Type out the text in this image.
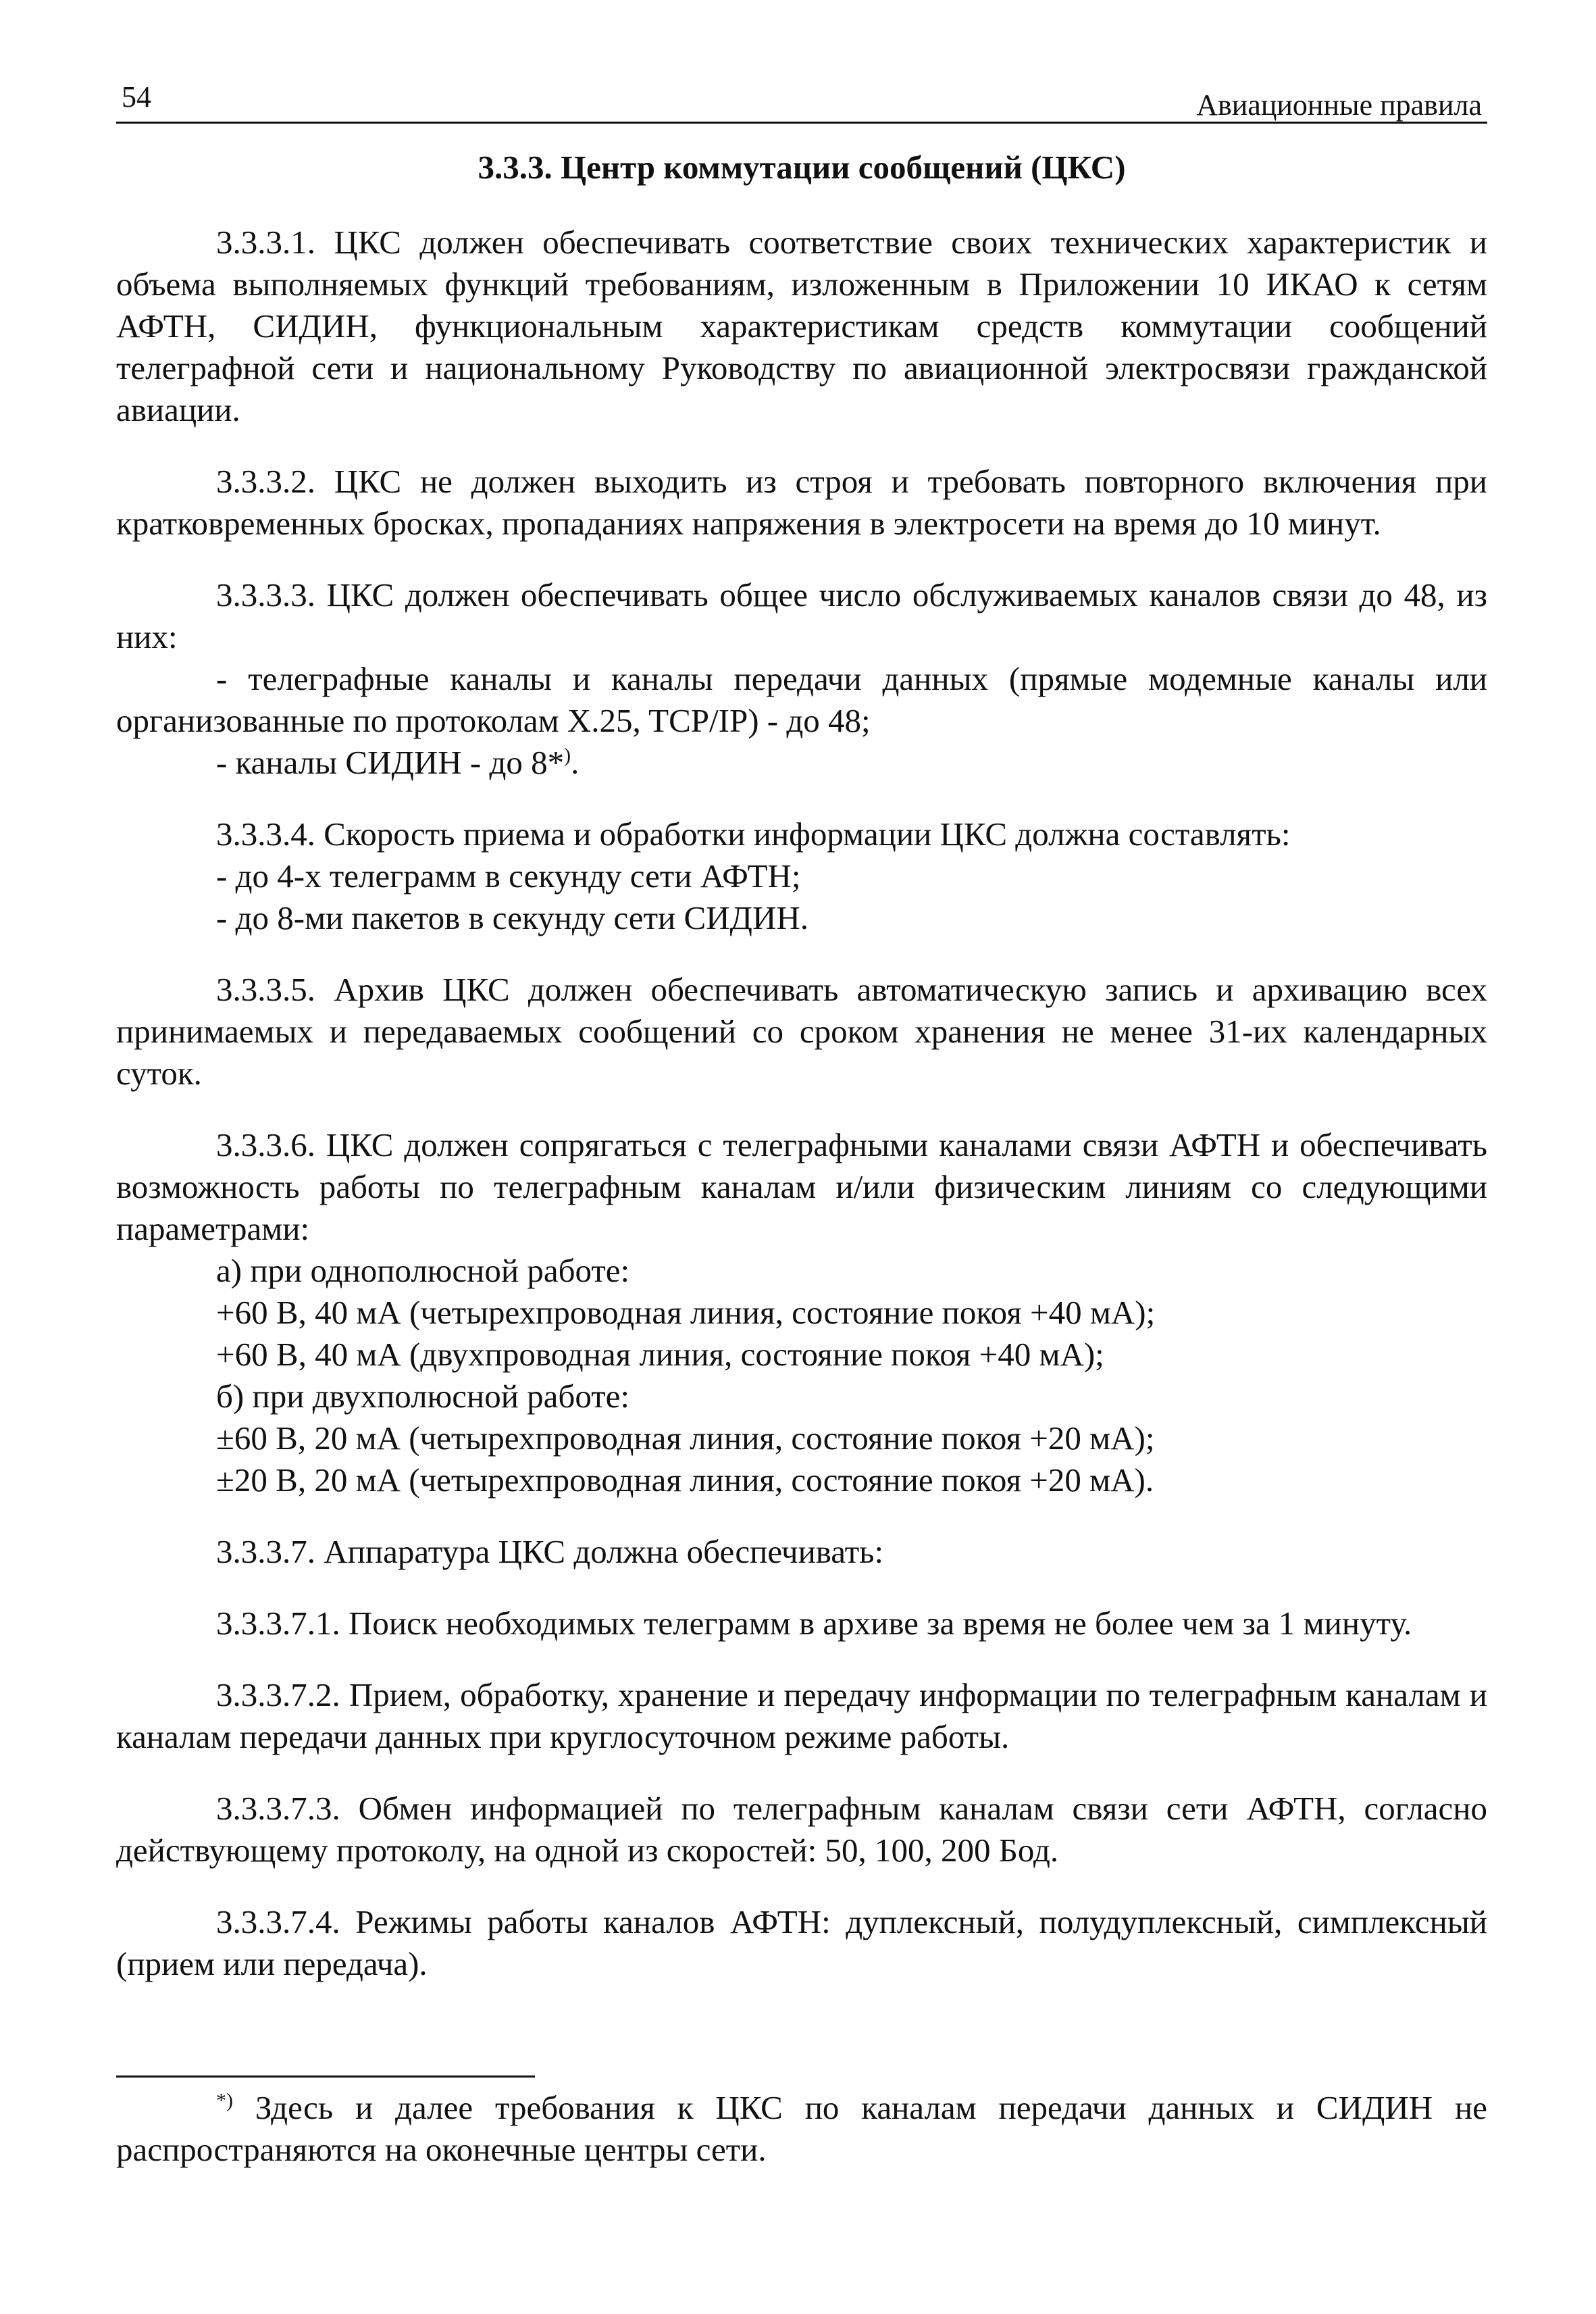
54	Авиационные правила
3.3.3. Центр коммутации сообщений (ЦКС)

3.3.3.1. ЦКС должен обеспечивать соответствие своих технических характеристик и объема выполняемых функций требованиям, изложенным в Приложении 10 ИКАО к сетям АФТН, СИДИН, функциональным характеристикам средств коммутации сообщений телеграфной сети и национальному Руководству по авиационной электросвязи гражданской авиации.

3.3.3.2. ЦКС не должен выходить из строя и требовать повторного включения при кратковременных бросках, пропаданиях напряжения в электросети на время до 10 минут.

3.3.3.3. ЦКС должен обеспечивать общее число обслуживаемых каналов связи до 48, из них:

- телеграфные каналы и каналы передачи данных (прямые модемные каналы или организованные по протоколам X.25, TCP/IP) - до 48;

- каналы СИДИН - до 8*).

3.3.3.4. Скорость приема и обработки информации ЦКС должна составлять:

- до 4-х телеграмм в секунду сети АФТН;

- до 8-ми пакетов в секунду сети СИДИН.

3.3.3.5. Архив ЦКС должен обеспечивать автоматическую запись и архивацию всех принимаемых и передаваемых сообщений со сроком хранения не менее 31-их календарных суток.

3.3.3.6. ЦКС должен сопрягаться с телеграфными каналами связи АФТН и обеспечивать возможность работы по телеграфным каналам и/или физическим линиям со следующими параметрами:

а) при однополюсной работе:

+60 В, 40 мА (четырехпроводная линия, состояние покоя +40 мА);

+60 В, 40 мА (двухпроводная линия, состояние покоя +40 мА);

б) при двухполюсной работе:

±60 В, 20 мА (четырехпроводная линия, состояние покоя +20 мА);

±20 В, 20 мА (четырехпроводная линия, состояние покоя +20 мА).

3.3.3.7. Аппаратура ЦКС должна обеспечивать:

3.3.3.7.1. Поиск необходимых телеграмм в архиве за время не более чем за 1 минуту.

3.3.3.7.2. Прием, обработку, хранение и передачу информации по телеграфным каналам и каналам передачи данных при круглосуточном режиме работы.

3.3.3.7.3. Обмен информацией по телеграфным каналам связи сети АФТН, согласно действующему протоколу, на одной из скоростей: 50, 100, 200 Бод.

3.3.3.7.4. Режимы работы каналов АФТН: дуплексный, полудуплексный, симплексный (прием или передача).

*) Здесь и далее требования к ЦКС по каналам передачи данных и СИДИН не распространяются на оконечные центры сети.
